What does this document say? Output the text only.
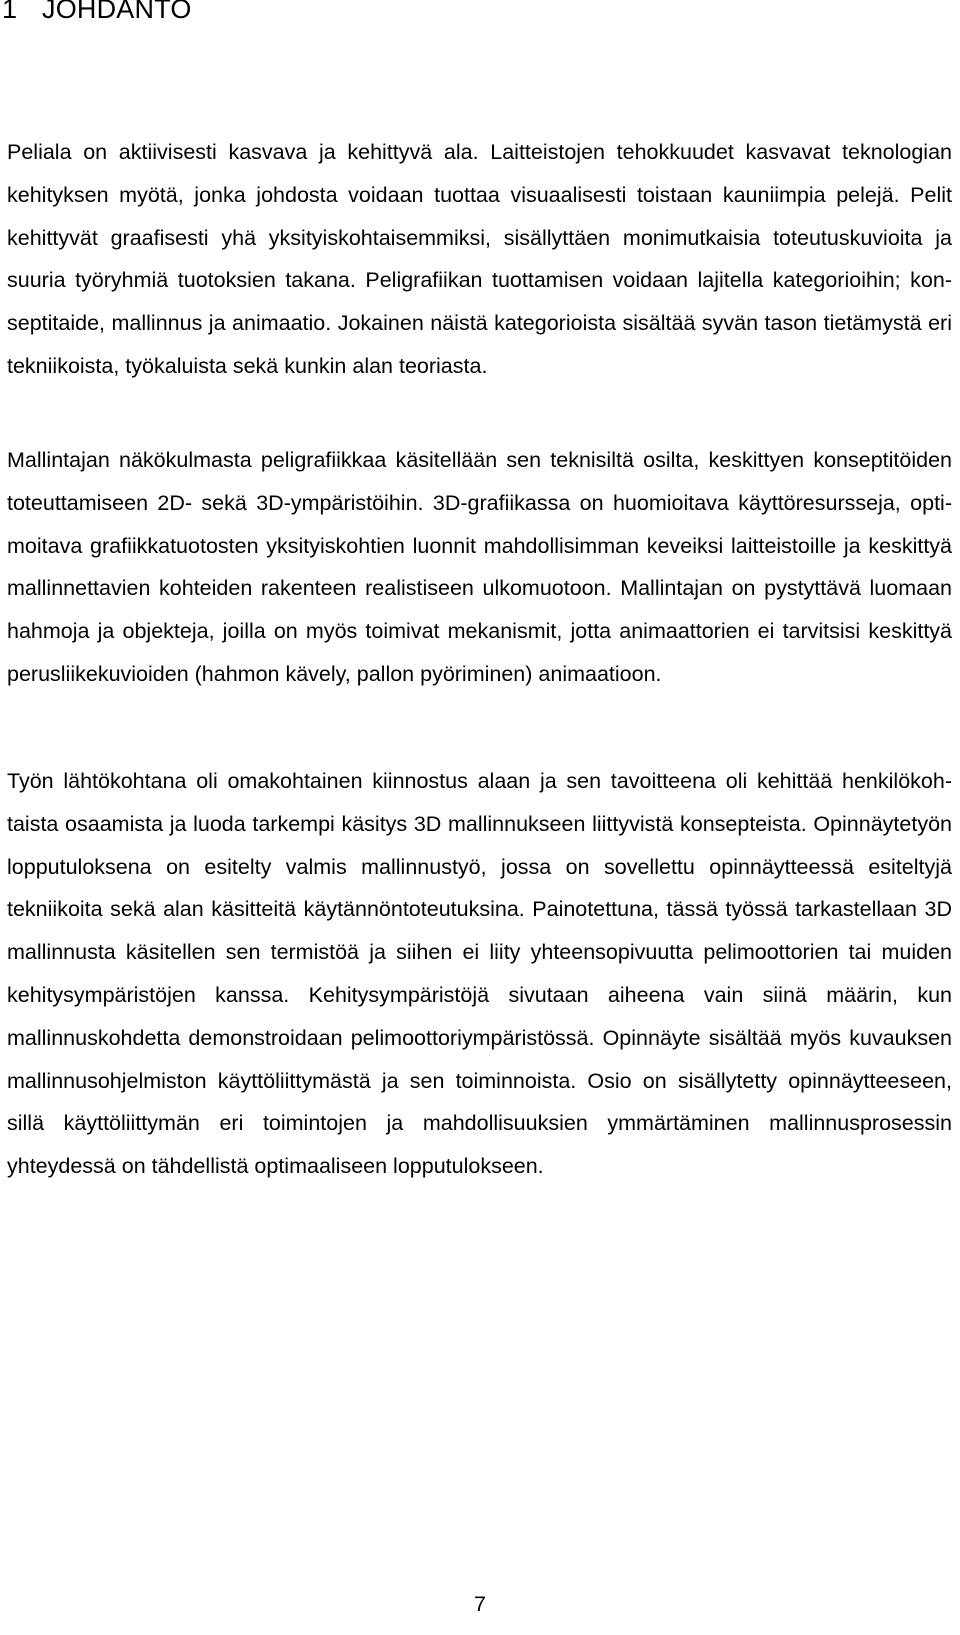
1 JOHDANTO

Peliala on aktiivisesti kasvava ja kehittyvä ala. Laitteistojen tehokkuudet kasvavat teknologian kehityksen myötä, jonka johdosta voidaan tuottaa visuaalisesti toistaan kauniimpia pelejä. Pelit kehittyvät graafisesti yhä yksityiskohtaisemmiksi, sisällyttäen monimutkaisia toteutuskuvioita ja suuria työryhmiä tuotoksien takana. Peligrafiikan tuottamisen voidaan lajitella kategorioihin; konseptitaide, mallinnus ja animaatio. Jokainen näistä kategorioista sisältää syvän tason tietämystä eri tekniikoista, työkaluista sekä kunkin alan teoriasta.

Mallintajan näkökulmasta peligrafiikkaa käsitellään sen teknisiltä osilta, keskittyen konseptitöiden toteuttamiseen 2D- sekä 3D-ympäristöihin. 3D-grafiikassa on huomioitava käyttöresursseja, optimoitava grafiikkatuotosten yksityiskohtien luonnit mahdollisimman keveiksi laitteistoille ja keskittyä mallinnettavien kohteiden rakenteen realistiseen ulkomuotoon. Mallintajan on pystyttävä luomaan hahmoja ja objekteja, joilla on myös toimivat mekanismit, jotta animaattorien ei tarvitsisi keskittyä perusliikekuvioiden (hahmon kävely, pallon pyöriminen) animaatioon.

Työn lähtökohtana oli omakohtainen kiinnostus alaan ja sen tavoitteena oli kehittää henkilökohtaista osaamista ja luoda tarkempi käsitys 3D mallinnukseen liittyvistä konsepteista. Opinnäytetyön lopputuloksena on esitelty valmis mallinnustyö, jossa on sovellettu opinnäytteessä esiteltyjä tekniikoita sekä alan käsitteitä käytännöntoteutuksina. Painotettuna, tässä työssä tarkastellaan 3D mallinnusta käsitellen sen termistöä ja siihen ei liity yhteensopivuutta pelimoottorien tai muiden kehitysympäristöjen kanssa. Kehitysympäristöjä sivutaan aiheena vain siinä määrin, kun mallinnuskohdetta demonstroidaan pelimoottoriympäristössä. Opinnäyte sisältää myös kuvauksen mallinnusohjelmiston käyttöliittymästä ja sen toiminnoista. Osio on sisällytetty opinnäytteeseen, sillä käyttöliittymän eri toimintojen ja mahdollisuuksien ymmärtäminen mallinnusprosessin yhteydessä on tähdellistä optimaaliseen lopputulokseen.

7
